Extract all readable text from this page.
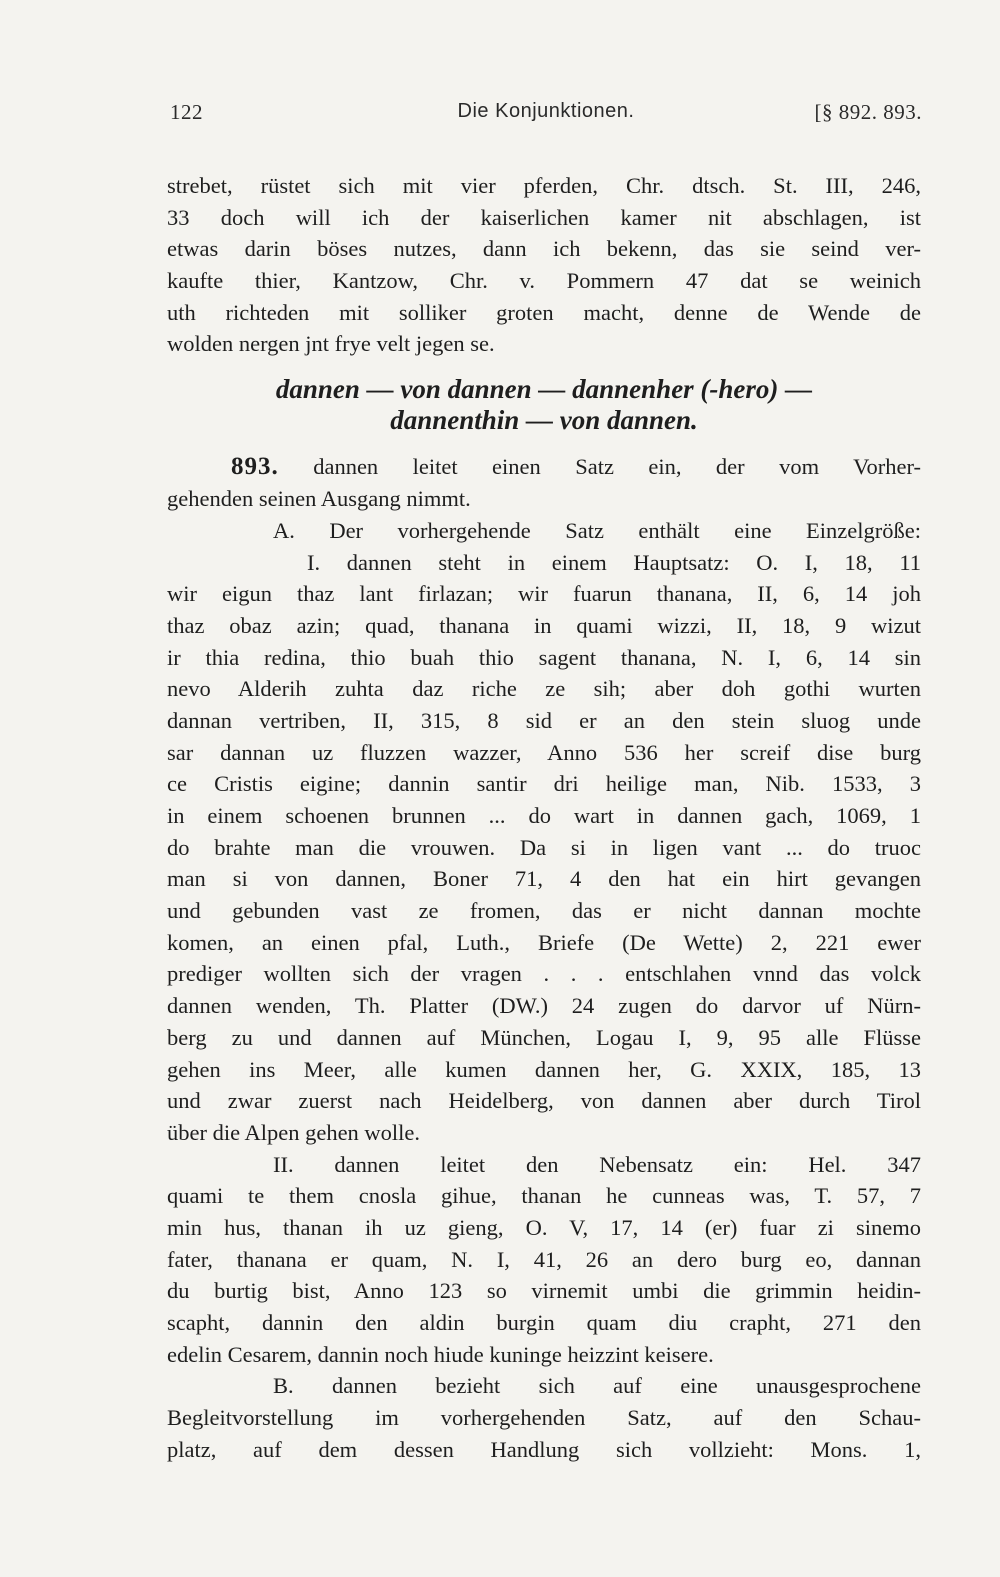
122	Die Konjunktionen.	[§ 892. 893.
strebet, rüstet sich mit vier pferden, Chr. dtsch. St. III, 246,
33 doch will ich der kaiserlichen kamer nit abschlagen, ist
etwas darin böses nutzes, dann ich bekenn, das sie seind ver-
kaufte thier, Kantzow, Chr. v. Pommern 47 dat se weinich
uth richteden mit solliker groten macht, denne de Wende de
wolden nergen jnt frye velt jegen se.
dannen — von dannen — dannenher (-hero) —
dannenthin — von dannen.
893. dannen leitet einen Satz ein, der vom Vorher-
gehenden seinen Ausgang nimmt.
A. Der vorhergehende Satz enthält eine Einzelgröße:
I. dannen steht in einem Hauptsatz: O. I, 18, 11
wir eigun thaz lant firlazan; wir fuarun thanana, II, 6, 14 joh
thaz obaz azin; quad, thanana in quami wizzi, II, 18, 9 wizut
ir thia redina, thio buah thio sagent thanana, N. I, 6, 14 sin
nevo Alderih zuhta daz riche ze sih; aber doh gothi wurten
dannan vertriben, II, 315, 8 sid er an den stein sluog unde
sar dannan uz fluzzen wazzer, Anno 536 her screif dise burg
ce Cristis eigine; dannin santir dri heilige man, Nib. 1533, 3
in einem schoenen brunnen ... do wart in dannen gach, 1069, 1
do brahte man die vrouwen. Da si in ligen vant ... do truoc
man si von dannen, Boner 71, 4 den hat ein hirt gevangen
und gebunden vast ze fromen, das er nicht dannan mochte
komen, an einen pfal, Luth., Briefe (De Wette) 2, 221 ewer
prediger wollten sich der vragen . . . entschlahen vnnd das volck
dannen wenden, Th. Platter (DW.) 24 zugen do darvor uf Nürn-
berg zu und dannen auf München, Logau I, 9, 95 alle Flüsse
gehen ins Meer, alle kumen dannen her, G. XXIX, 185, 13
und zwar zuerst nach Heidelberg, von dannen aber durch Tirol
über die Alpen gehen wolle.
II. dannen leitet den Nebensatz ein: Hel. 347
quami te them cnosla gihue, thanan he cunneas was, T. 57, 7
min hus, thanan ih uz gieng, O. V, 17, 14 (er) fuar zi sinemo
fater, thanana er quam, N. I, 41, 26 an dero burg eo, dannan
du burtig bist, Anno 123 so virnemit umbi die grimmin heidin-
scapht, dannin den aldin burgin quam diu crapht, 271 den
edelin Cesarem, dannin noch hiude kuninge heizzint keisere.
B. dannen bezieht sich auf eine unausgesprochene
Begleitvorstellung im vorhergehenden Satz, auf den Schau-
platz, auf dem dessen Handlung sich vollzieht: Mons. 1,
